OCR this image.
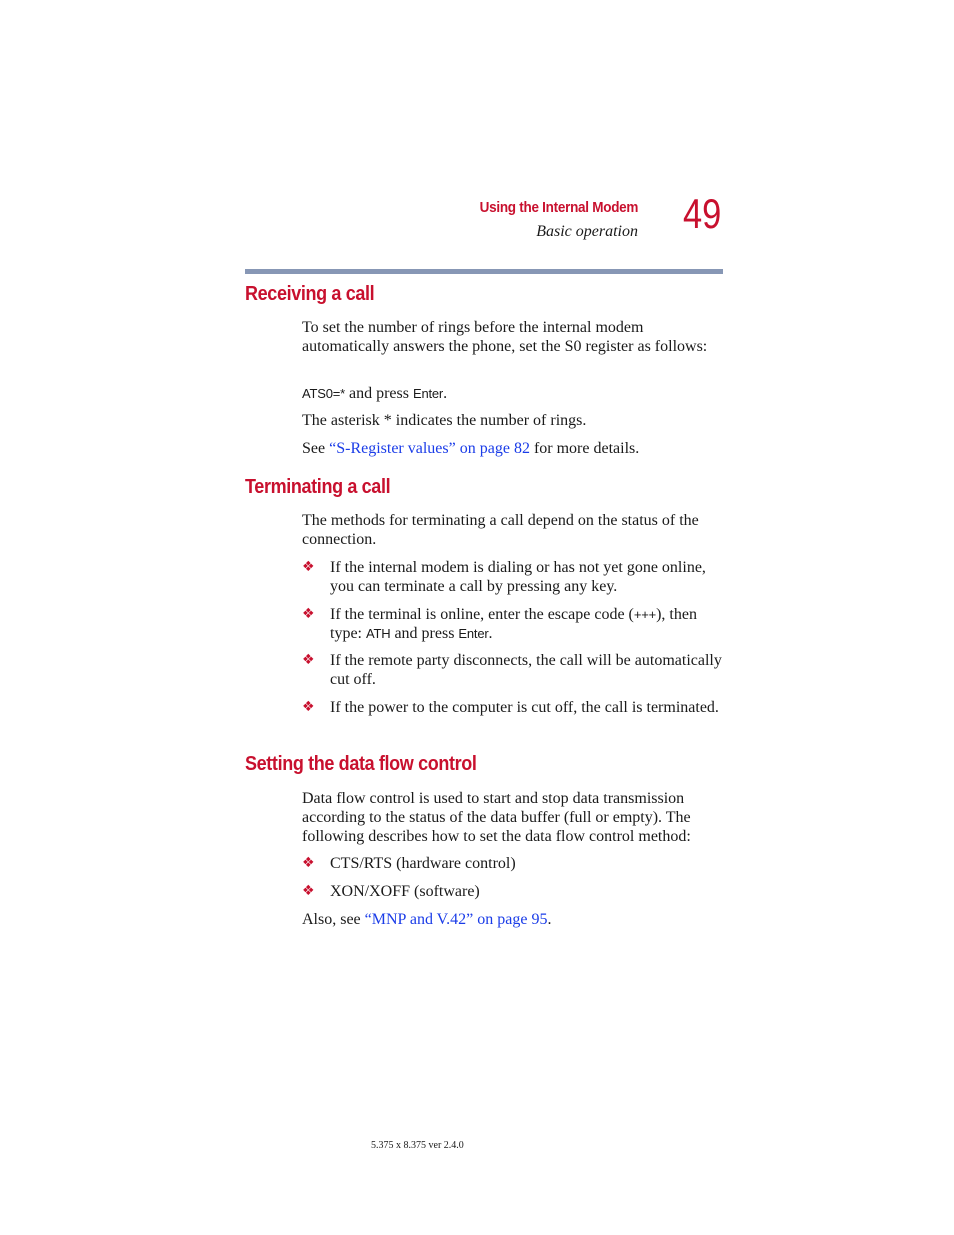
Using the Internal Modem
Basic operation 49
Receiving a call

To set the number of rings before the internal modem automatically answers the phone, set the S0 register as follows:

ATS0=* and press Enter.

The asterisk * indicates the number of rings.

See “S-Register values” on page 82 for more details.

Terminating a call

The methods for terminating a call depend on the status of the connection.

❖ If the internal modem is dialing or has not yet gone online, you can terminate a call by pressing any key.
❖ If the terminal is online, enter the escape code (+++), then type: ATH and press Enter.
❖ If the remote party disconnects, the call will be automatically cut off.
❖ If the power to the computer is cut off, the call is terminated.
Setting the data flow control

Data flow control is used to start and stop data transmission according to the status of the data buffer (full or empty). The following describes how to set the data flow control method:

❖ CTS/RTS (hardware control)
❖ XON/XOFF (software)

Also, see “MNP and V.42” on page 95.

5.375 x 8.375 ver 2.4.0
